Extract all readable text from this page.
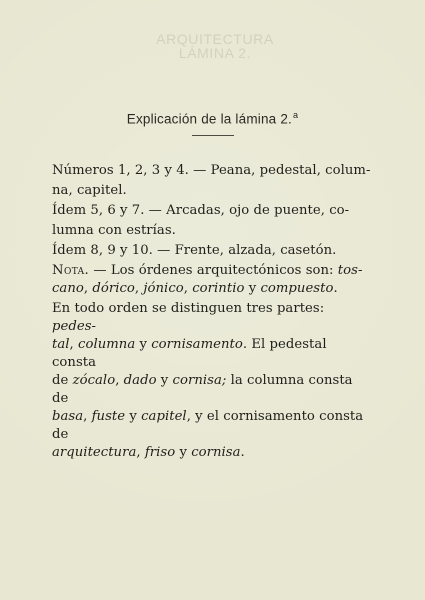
ARQUITECTURA
LÁMINA 2.
Explicación de la lámina 2.$^a$

Números 1, 2, 3 y 4. — Peana, pedestal, colum-

na, capitel.

Ídem 5, 6 y 7. — Arcadas, ojo de puente, co-

lumna con estrías.

Ídem 8, 9 y 10. — Frente, alzada, casetón.

Nota. — Los órdenes arquitectónicos son: tos-
cano, dórico, jónico, corintio y compuesto.

En todo orden se distinguen tres partes: pedes-
tal, columna y cornisamento. El pedestal consta
de zócalo, dado y cornisa; la columna consta de
basa, fuste y capitel, y el cornisamento consta de
arquitectura, friso y cornisa.
